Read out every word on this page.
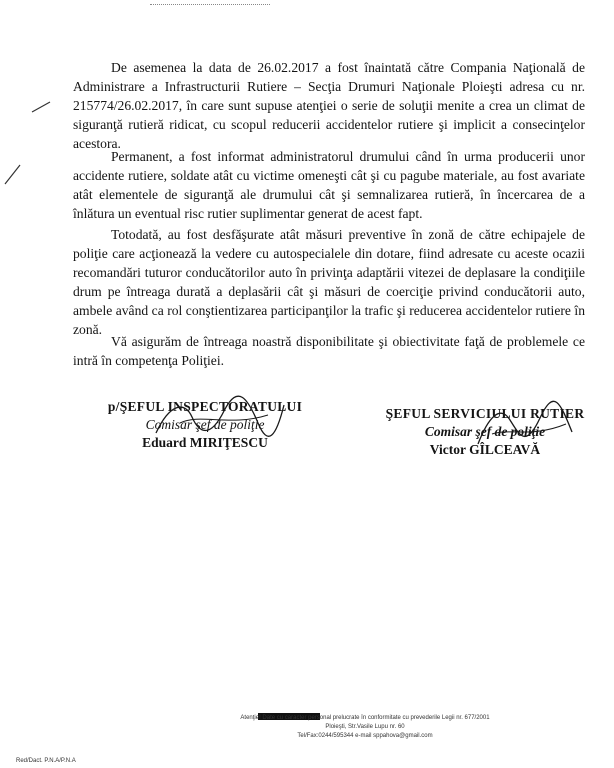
De asemenea la data de 26.02.2017 a fost înaintată către Compania Naţională de Administrare a Infrastructurii Rutiere – Secţia Drumuri Naţionale Ploieşti adresa cu nr. 215774/26.02.2017, în care sunt supuse atenţiei o serie de soluţii menite a crea un climat de siguranţă rutieră ridicat, cu scopul reducerii accidentelor rutiere şi implicit a consecinţelor acestora.
Permanent, a fost informat administratorul drumului când în urma producerii unor accidente rutiere, soldate atât cu victime omeneşti cât şi cu pagube materiale, au fost avariate atât elementele de siguranţă ale drumului cât şi semnalizarea rutieră, în încercarea de a înlătura un eventual risc rutier suplimentar generat de acest fapt.
Totodată, au fost desfăşurate atât măsuri preventive în zonă de către echipajele de poliţie care acţionează la vedere cu autospecialele din dotare, fiind adresate cu aceste ocazii recomandări tuturor conducătorilor auto în privinţa adaptării vitezei de deplasare la condiţiile drum pe întreaga durată a deplasării cât şi măsuri de coerciţie privind conducătorii auto, ambele având ca rol conştientizarea participanţilor la trafic şi reducerea accidentelor rutiere în zonă.
Vă asigurăm de întreaga noastră disponibilitate şi obiectivitate faţă de problemele ce intră în competenţa Poliţiei.
p/ŞEFUL INSPECTORATULUI
Comisar şef de poliţie
Eduard MIRIŢESCU
ŞEFUL SERVICIULUI RUTIER
Comisar şef de poliţie
Victor GÎLCEAVĂ
Atenţie! Date cu caracter personal prelucrate în conformitate cu prevederile Legii nr. 677/2001
Ploieşti, Str.Vasile Lupu nr. 60
Tel/Fax:0244/595344 e-mail sppahova@gmail.com
Red/Dact. P.N.A/P.N.A
